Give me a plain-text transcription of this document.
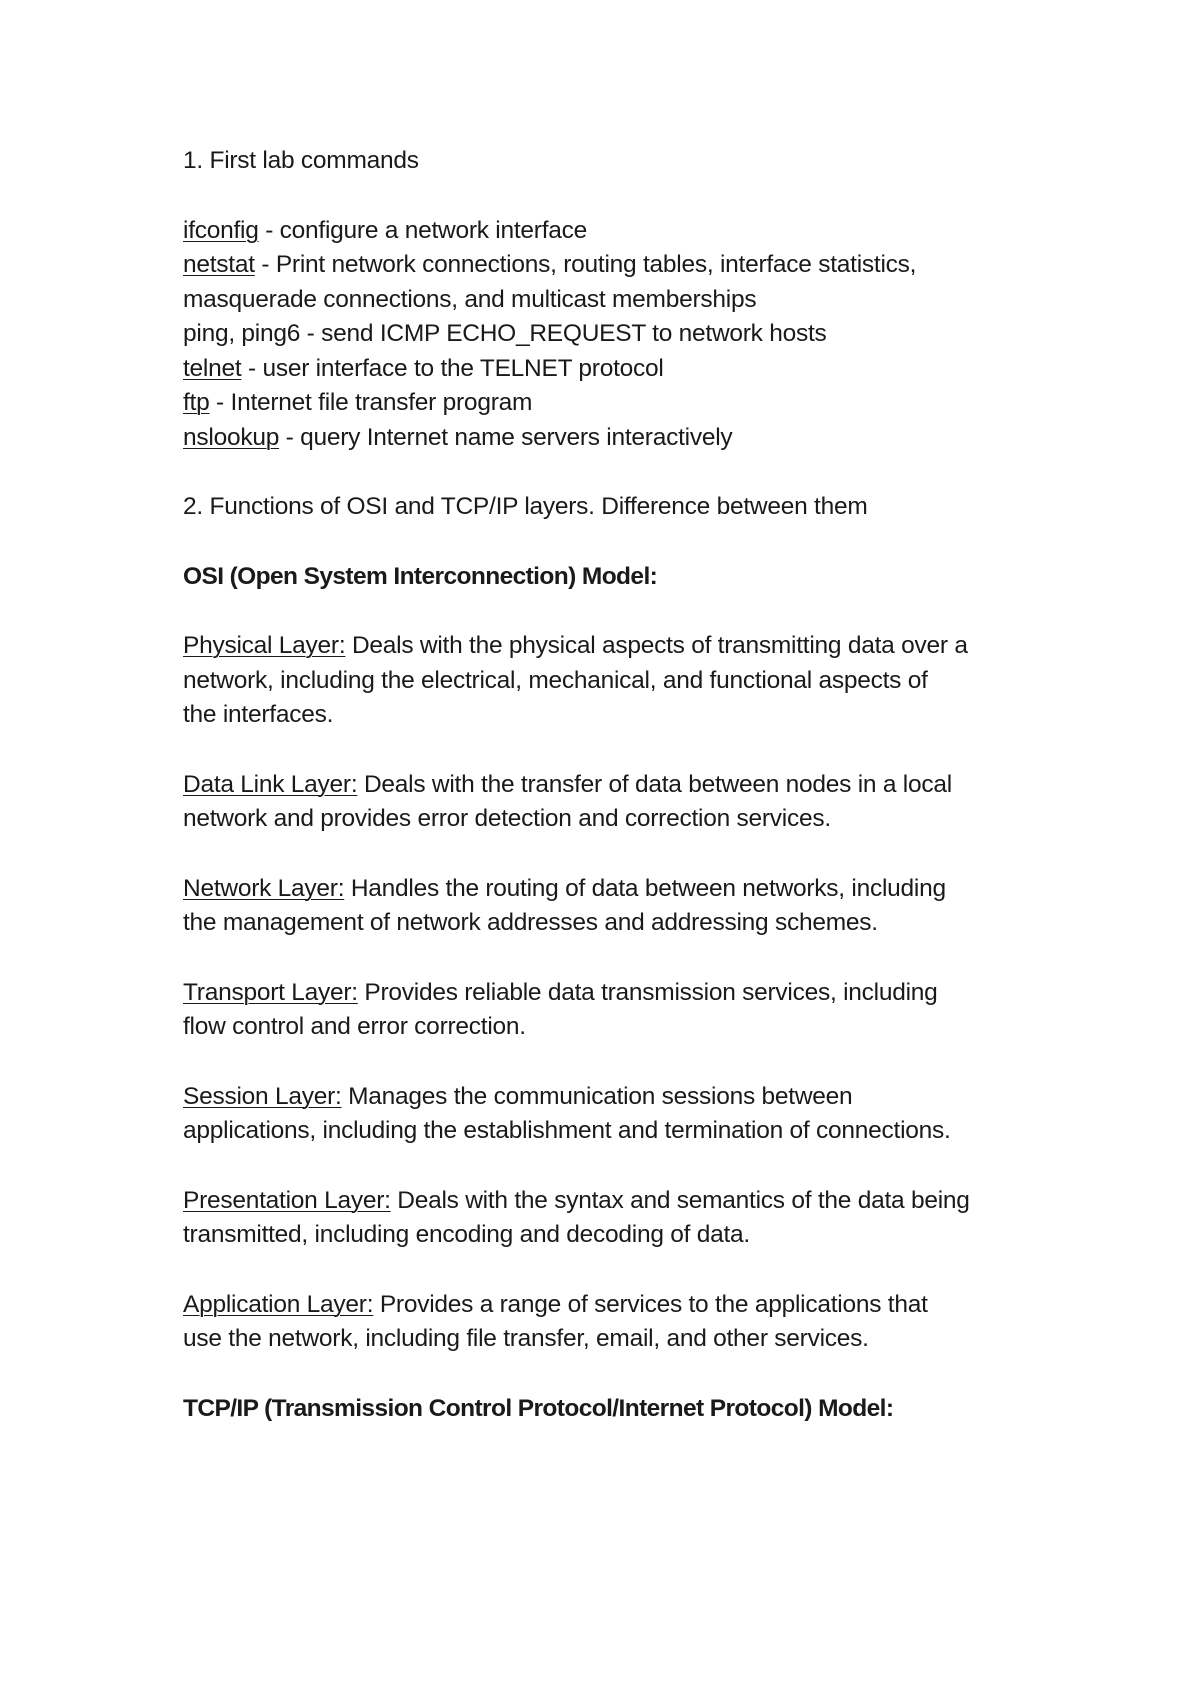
1. First lab commands

ifconfig - configure a network interface

netstat - Print network connections, routing tables, interface statistics,

masquerade connections, and multicast memberships

ping, ping6 - send ICMP ECHO_REQUEST to network hosts

telnet - user interface to the TELNET protocol

ftp - Internet file transfer program

nslookup - query Internet name servers interactively

2. Functions of OSI and TCP/IP layers. Difference between them

OSI (Open System Interconnection) Model:

Physical Layer: Deals with the physical aspects of transmitting data over a

network, including the electrical, mechanical, and functional aspects of

the interfaces.

Data Link Layer: Deals with the transfer of data between nodes in a local

network and provides error detection and correction services.

Network Layer: Handles the routing of data between networks, including

the management of network addresses and addressing schemes.

Transport Layer: Provides reliable data transmission services, including

flow control and error correction.

Session Layer: Manages the communication sessions between

applications, including the establishment and termination of connections.

Presentation Layer: Deals with the syntax and semantics of the data being

transmitted, including encoding and decoding of data.

Application Layer: Provides a range of services to the applications that

use the network, including file transfer, email, and other services.

TCP/IP (Transmission Control Protocol/Internet Protocol) Model:
